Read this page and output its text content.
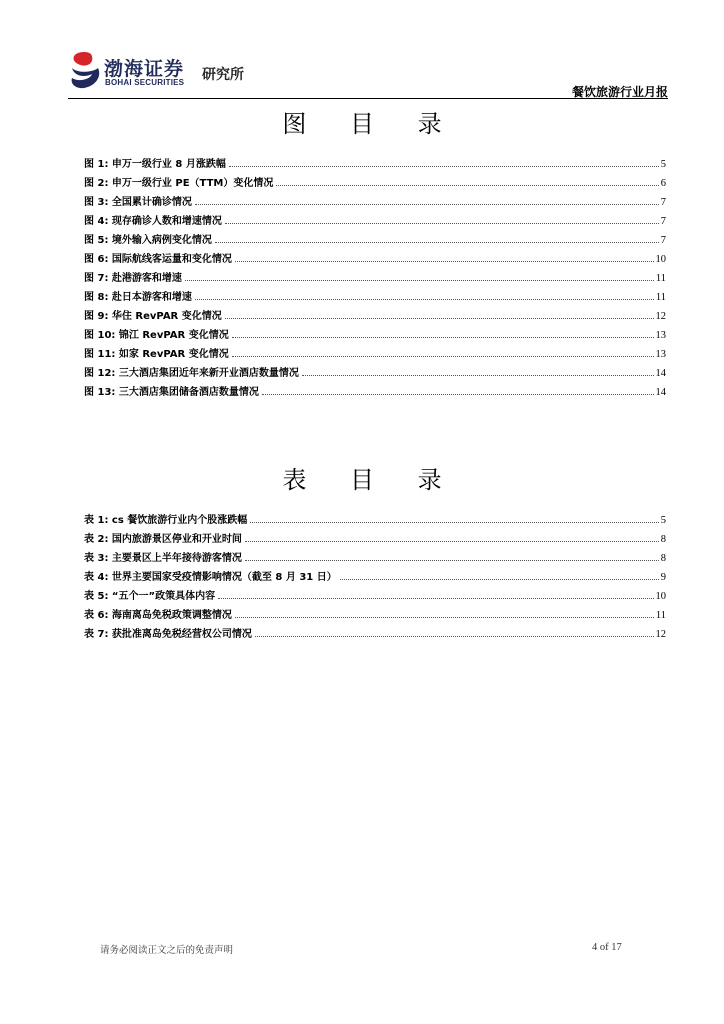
渤海证券
BOHAI SECURITIES 研究所
餐饮旅游行业月报
图 目 录
图 1: 申万一级行业 8 月涨跌幅	5
图 2: 申万一级行业 PE（TTM）变化情况	6
图 3: 全国累计确诊情况	7
图 4: 现存确诊人数和增速情况	7
图 5: 境外输入病例变化情况	7
图 6: 国际航线客运量和变化情况	10
图 7: 赴港游客和增速	11
图 8: 赴日本游客和增速	11
图 9: 华住 RevPAR 变化情况	12
图 10: 锦江 RevPAR 变化情况	13
图 11: 如家 RevPAR 变化情况	13
图 12: 三大酒店集团近年来新开业酒店数量情况	14
图 13: 三大酒店集团储备酒店数量情况	14
表 目 录
表 1: cs 餐饮旅游行业内个股涨跌幅	5
表 2: 国内旅游景区停业和开业时间	8
表 3: 主要景区上半年接待游客情况	8
表 4: 世界主要国家受疫情影响情况（截至 8 月 31 日）	9
表 5: “五个一”政策具体内容	10
表 6: 海南离岛免税政策调整情况	11
表 7: 获批准离岛免税经营权公司情况	12
请务必阅读正文之后的免责声明	4 of 17
